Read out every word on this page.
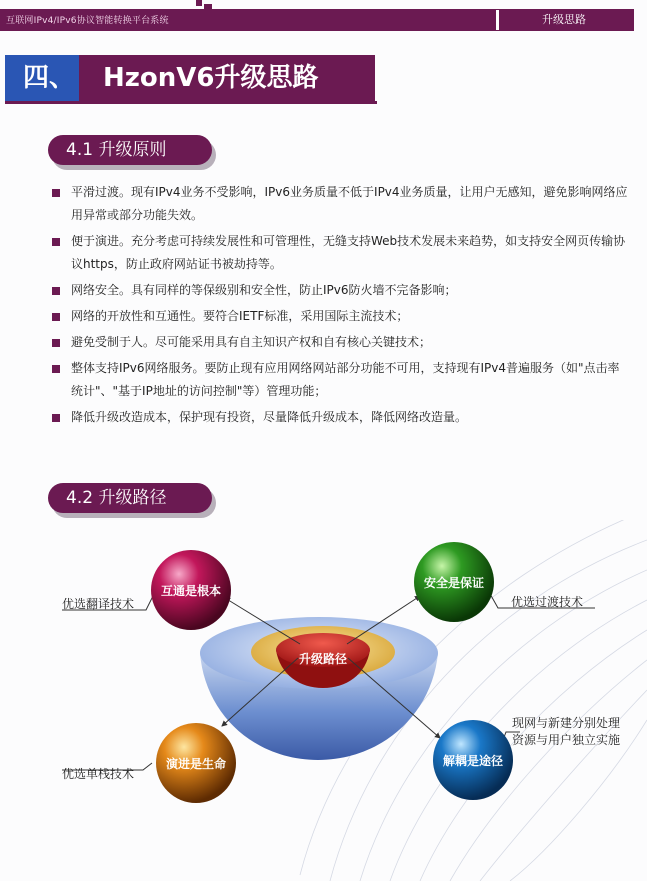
互联网IPv4/IPv6协议智能转换平台系统	升级思路
四、	HzonV6升级思路
4.1 升级原则
平滑过渡。现有IPv4业务不受影响，IPv6业务质量不低于IPv4业务质量，让用户无感知，避免影响网络应用异常或部分功能失效。
便于演进。充分考虑可持续发展性和可管理性，无缝支持Web技术发展未来趋势，如支持安全网页传输协议https，防止政府网站证书被劫持等。
网络安全。具有同样的等保级别和安全性，防止IPv6防火墙不完备影响；
网络的开放性和互通性。要符合IETF标准，采用国际主流技术；
避免受制于人。尽可能采用具有自主知识产权和自有核心关键技术；
整体支持IPv6网络服务。要防止现有应用网络网站部分功能不可用，支持现有IPv4普遍服务（如"点击率统计"、"基于IP地址的访问控制"等）管理功能；
降低升级改造成本，保护现有投资，尽量降低升级成本，降低网络改造量。
4.2 升级路径
互通是根本
安全是保证
演进是生命	解耦是途径
升级路径
优选翻译技术	优选过渡技术
优选单栈技术
现网与新建分别处理
资源与用户独立实施
